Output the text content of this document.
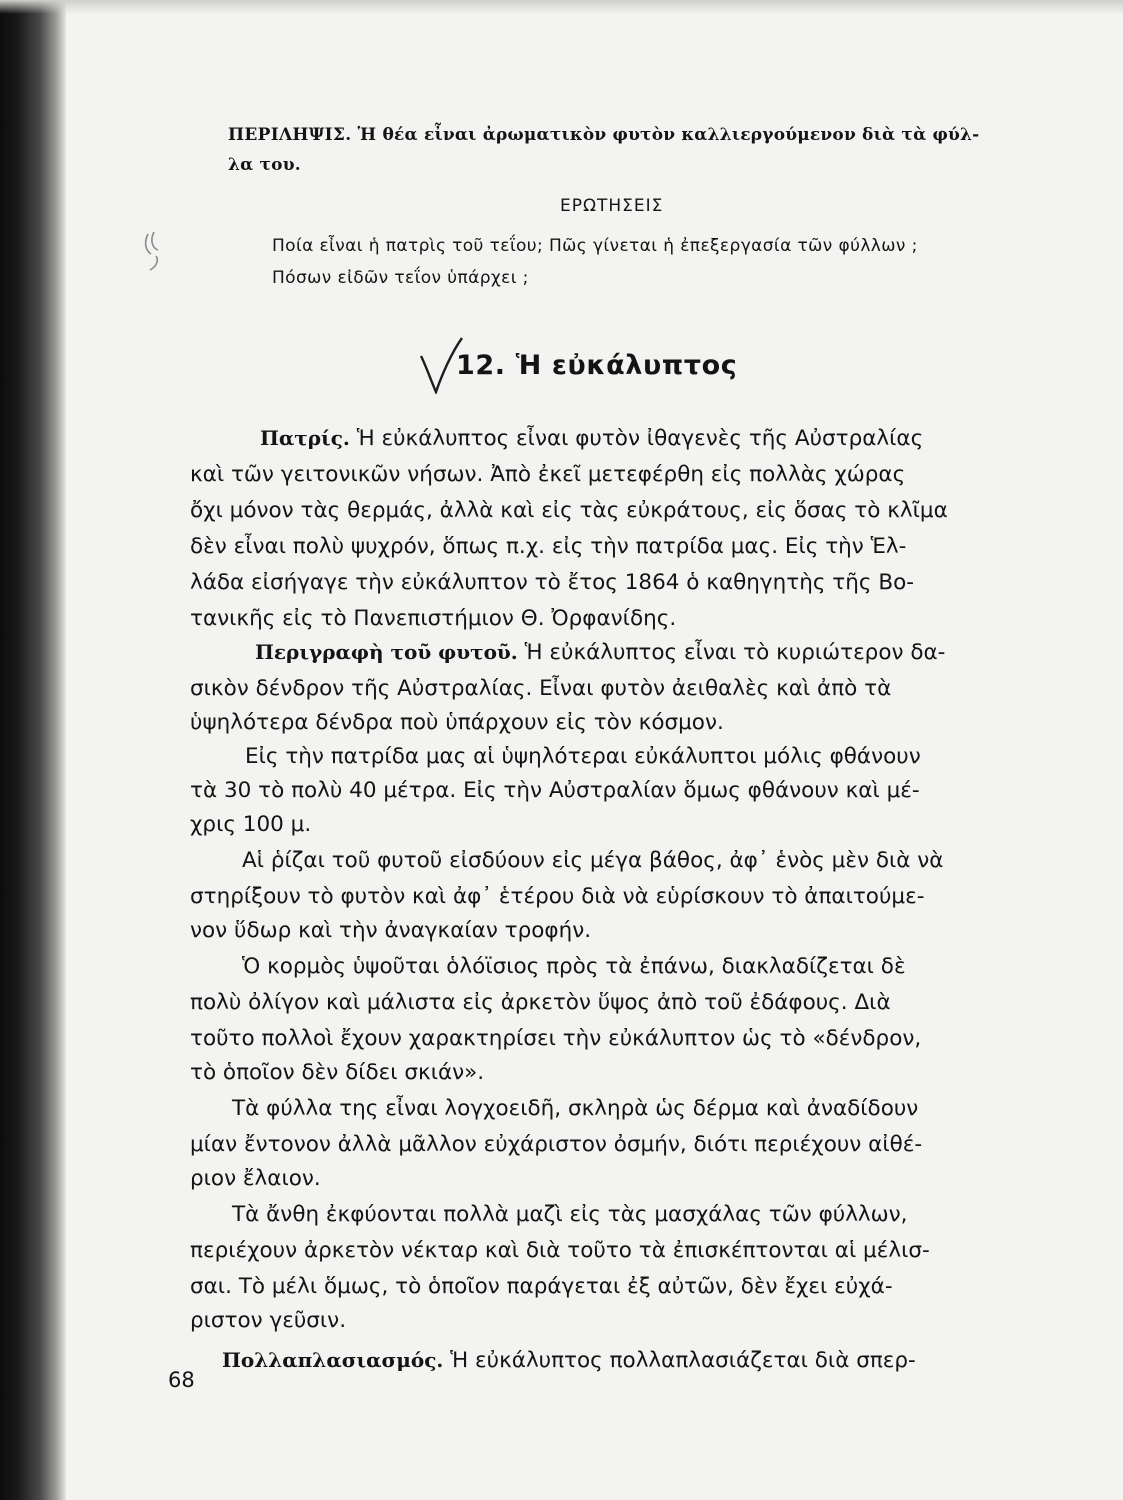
ΠΕΡΙΛΗΨΙΣ. Ἡ θέα εἶναι ἀρωματικὸν φυτὸν καλλιεργούμενον διὰ τὰ φύλ-
λα του.
ΕΡΩΤΗΣΕΙΣ
Ποία εἶναι ἡ πατρὶς τοῦ τεΐου; Πῶς γίνεται ἡ ἐπεξεργασία τῶν φύλλων ;
Πόσων εἰδῶν τεΐον ὑπάρχει ;
12. Ἡ εὐκάλυπτος
Πατρίς. Ἡ εὐκάλυπτος εἶναι φυτὸν ἰθαγενὲς τῆς Αὐστραλίας
καὶ τῶν γειτονικῶν νήσων. Ἀπὸ ἐκεῖ μετεφέρθη εἰς πολλὰς χώρας
ὄχι μόνον τὰς θερμάς, ἀλλὰ καὶ εἰς τὰς εὐκράτους, εἰς ὅσας τὸ κλῖμα
δὲν εἶναι πολὺ ψυχρόν, ὅπως π.χ. εἰς τὴν πατρίδα μας. Εἰς τὴν Ἑλ-
λάδα εἰσήγαγε τὴν εὐκάλυπτον τὸ ἔτος 1864 ὁ καθηγητὴς τῆς Βο-
τανικῆς εἰς τὸ Πανεπιστήμιον Θ. Ὀρφανίδης.
Περιγραφὴ τοῦ φυτοῦ. Ἡ εὐκάλυπτος εἶναι τὸ κυριώτερον δα-
σικὸν δένδρον τῆς Αὐστραλίας. Εἶναι φυτὸν ἀειθαλὲς καὶ ἀπὸ τὰ
ὑψηλότερα δένδρα ποὺ ὑπάρχουν εἰς τὸν κόσμον.
Εἰς τὴν πατρίδα μας αἱ ὑψηλότεραι εὐκάλυπτοι μόλις φθάνουν
τὰ 30 τὸ πολὺ 40 μέτρα. Εἰς τὴν Αὐστραλίαν ὅμως φθάνουν καὶ μέ-
χρις 100 μ.
Αἱ ῥίζαι τοῦ φυτοῦ εἰσδύουν εἰς μέγα βάθος, ἀφ᾽ ἑνὸς μὲν διὰ νὰ
στηρίξουν τὸ φυτὸν καὶ ἀφ᾽ ἑτέρου διὰ νὰ εὑρίσκουν τὸ ἀπαιτούμε-
νον ὕδωρ καὶ τὴν ἀναγκαίαν τροφήν.
Ὁ κορμὸς ὑψοῦται ὁλόϊσιος πρὸς τὰ ἐπάνω, διακλαδίζεται δὲ
πολὺ ὀλίγον καὶ μάλιστα εἰς ἀρκετὸν ὕψος ἀπὸ τοῦ ἐδάφους. Διὰ
τοῦτο πολλοὶ ἔχουν χαρακτηρίσει τὴν εὐκάλυπτον ὡς τὸ «δένδρον,
τὸ ὁποῖον δὲν δίδει σκιάν».
Τὰ φύλλα της εἶναι λογχοειδῆ, σκληρὰ ὡς δέρμα καὶ ἀναδίδουν
μίαν ἔντονον ἀλλὰ μᾶλλον εὐχάριστον ὀσμήν, διότι περιέχουν αἰθέ-
ριον ἔλαιον.
Τὰ ἄνθη ἐκφύονται πολλὰ μαζὶ εἰς τὰς μασχάλας τῶν φύλλων,
περιέχουν ἀρκετὸν νέκταρ καὶ διὰ τοῦτο τὰ ἐπισκέπτονται αἱ μέλισ-
σαι. Τὸ μέλι ὅμως, τὸ ὁποῖον παράγεται ἐξ αὐτῶν, δὲν ἔχει εὐχά-
ριστον γεῦσιν.
Πολλαπλασιασμός. Ἡ εὐκάλυπτος πολλαπλασιάζεται διὰ σπερ-
68
